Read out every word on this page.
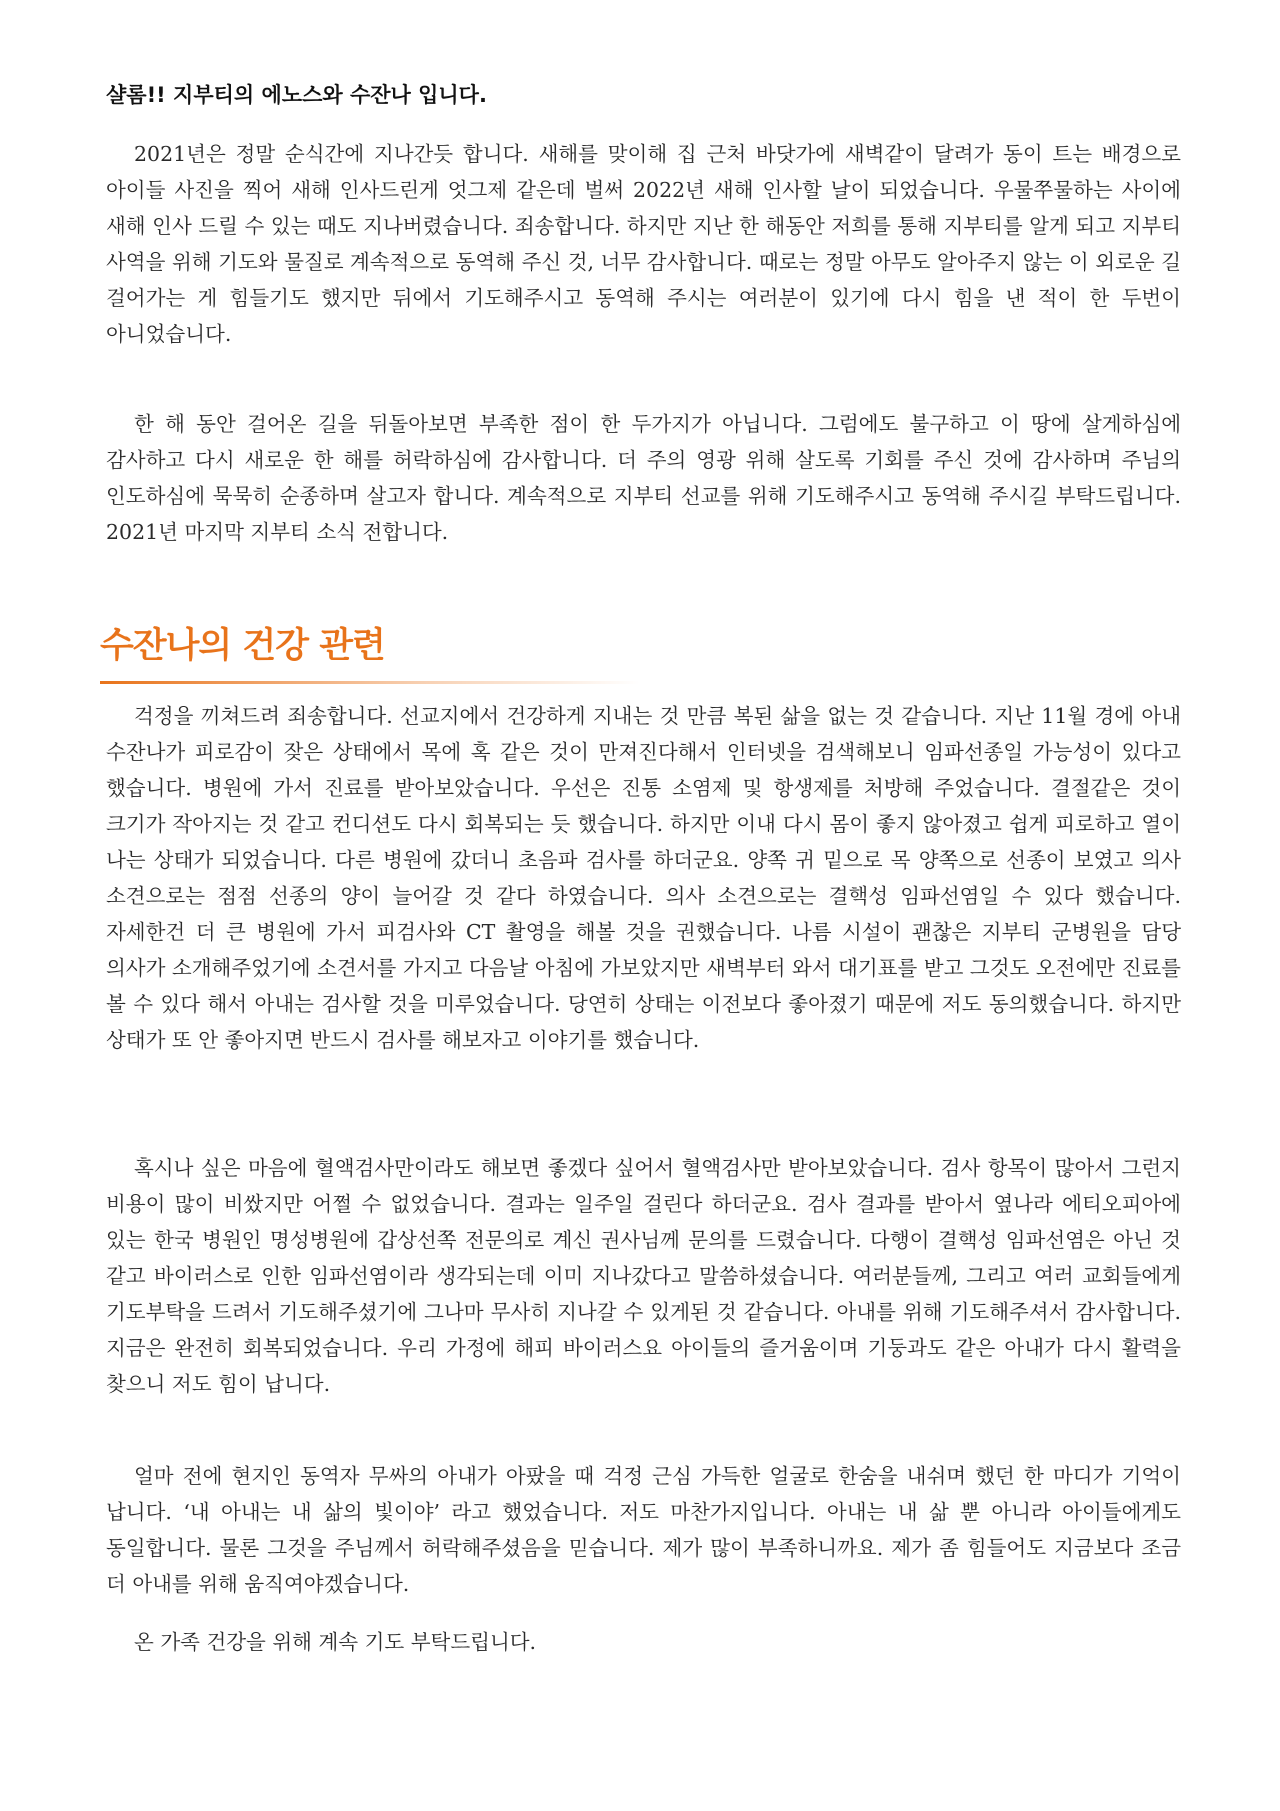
샬롬!! 지부티의 에노스와 수잔나 입니다.

2021년은 정말 순식간에 지나간듯 합니다. 새해를 맞이해 집 근처 바닷가에 새벽같이 달려가 동이 트는 배경으로 아이들 사진을 찍어 새해 인사드린게 엇그제 같은데 벌써 2022년 새해 인사할 날이 되었습니다. 우물쭈물하는 사이에 새해 인사 드릴 수 있는 때도 지나버렸습니다. 죄송합니다. 하지만 지난 한 해동안 저희를 통해 지부티를 알게 되고 지부티 사역을 위해 기도와 물질로 계속적으로 동역해 주신 것, 너무 감사합니다. 때로는 정말 아무도 알아주지 않는 이 외로운 길 걸어가는 게 힘들기도 했지만 뒤에서 기도해주시고 동역해 주시는 여러분이 있기에 다시 힘을 낸 적이 한 두번이 아니었습니다.

한 해 동안 걸어온 길을 뒤돌아보면 부족한 점이 한 두가지가 아닙니다. 그럼에도 불구하고 이 땅에 살게하심에 감사하고 다시 새로운 한 해를 허락하심에 감사합니다. 더 주의 영광 위해 살도록 기회를 주신 것에 감사하며 주님의 인도하심에 묵묵히 순종하며 살고자 합니다. 계속적으로 지부티 선교를 위해 기도해주시고 동역해 주시길 부탁드립니다. 2021년 마지막 지부티 소식 전합니다.

수잔나의 건강 관련

걱정을 끼쳐드려 죄송합니다. 선교지에서 건강하게 지내는 것 만큼 복된 삶을 없는 것 같습니다. 지난 11월 경에 아내 수잔나가 피로감이 잦은 상태에서 목에 혹 같은 것이 만져진다해서 인터넷을 검색해보니 임파선종일 가능성이 있다고 했습니다. 병원에 가서 진료를 받아보았습니다. 우선은 진통 소염제 및 항생제를 처방해 주었습니다. 결절같은 것이 크기가 작아지는 것 같고 컨디션도 다시 회복되는 듯 했습니다. 하지만 이내 다시 몸이 좋지 않아졌고 쉽게 피로하고 열이 나는 상태가 되었습니다. 다른 병원에 갔더니 초음파 검사를 하더군요. 양쪽 귀 밑으로 목 양쪽으로 선종이 보였고 의사 소견으로는 점점 선종의 양이 늘어갈 것 같다 하였습니다. 의사 소견으로는 결핵성 임파선염일 수 있다 했습니다. 자세한건 더 큰 병원에 가서 피검사와 CT 촬영을 해볼 것을 권했습니다. 나름 시설이 괜찮은 지부티 군병원을 담당 의사가 소개해주었기에 소견서를 가지고 다음날 아침에 가보았지만 새벽부터 와서 대기표를 받고 그것도 오전에만 진료를 볼 수 있다 해서 아내는 검사할 것을 미루었습니다. 당연히 상태는 이전보다 좋아졌기 때문에 저도 동의했습니다. 하지만 상태가 또 안 좋아지면 반드시 검사를 해보자고 이야기를 했습니다.

혹시나 싶은 마음에 혈액검사만이라도 해보면 좋겠다 싶어서 혈액검사만 받아보았습니다. 검사 항목이 많아서 그런지 비용이 많이 비쌌지만 어쩔 수 없었습니다. 결과는 일주일 걸린다 하더군요. 검사 결과를 받아서 옆나라 에티오피아에 있는 한국 병원인 명성병원에 갑상선쪽 전문의로 계신 권사님께 문의를 드렸습니다. 다행이 결핵성 임파선염은 아닌 것 같고 바이러스로 인한 임파선염이라 생각되는데 이미 지나갔다고 말씀하셨습니다. 여러분들께, 그리고 여러 교회들에게 기도부탁을 드려서 기도해주셨기에 그나마 무사히 지나갈 수 있게된 것 같습니다. 아내를 위해 기도해주셔서 감사합니다. 지금은 완전히 회복되었습니다. 우리 가정에 해피 바이러스요 아이들의 즐거움이며 기둥과도 같은 아내가 다시 활력을 찾으니 저도 힘이 납니다.

얼마 전에 현지인 동역자 무싸의 아내가 아팠을 때 걱정 근심 가득한 얼굴로 한숨을 내쉬며 했던 한 마디가 기억이 납니다. ‘내 아내는 내 삶의 빛이야’ 라고 했었습니다. 저도 마찬가지입니다. 아내는 내 삶 뿐 아니라 아이들에게도 동일합니다. 물론 그것을 주님께서 허락해주셨음을 믿습니다. 제가 많이 부족하니까요. 제가 좀 힘들어도 지금보다 조금 더 아내를 위해 움직여야겠습니다.

온 가족 건강을 위해 계속 기도 부탁드립니다.
